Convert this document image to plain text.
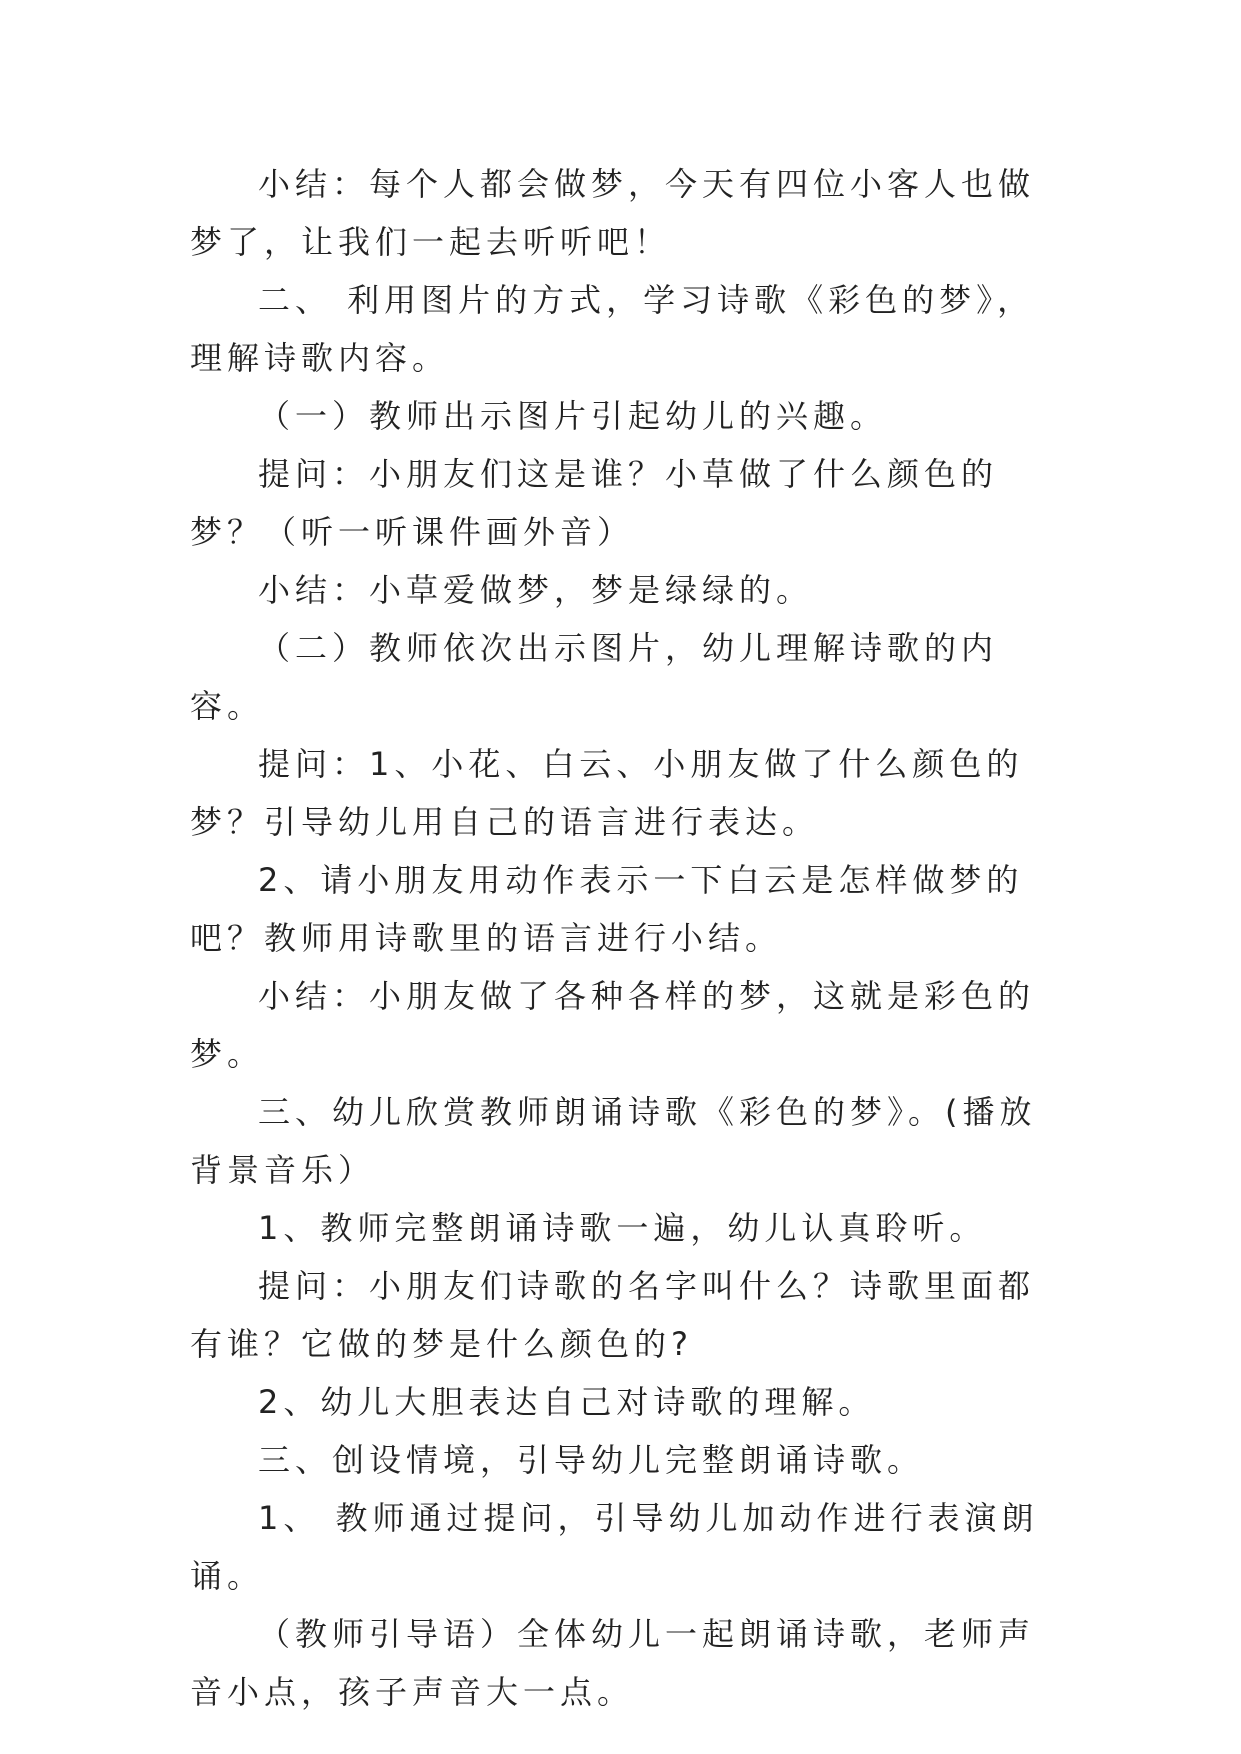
小结：每个人都会做梦，今天有四位小客人也做梦了，让我们一起去听听吧！

二、 利用图片的方式，学习诗歌《彩色的梦》，理解诗歌内容。

（一）教师出示图片引起幼儿的兴趣。

提问：小朋友们这是谁？小草做了什么颜色的梦？（听一听课件画外音）

小结：小草爱做梦，梦是绿绿的。

（二）教师依次出示图片，幼儿理解诗歌的内容。

提问：1、小花、白云、小朋友做了什么颜色的梦？引导幼儿用自己的语言进行表达。

2、请小朋友用动作表示一下白云是怎样做梦的吧？教师用诗歌里的语言进行小结。

小结：小朋友做了各种各样的梦，这就是彩色的梦。

三、幼儿欣赏教师朗诵诗歌《彩色的梦》。(播放背景音乐）

1、教师完整朗诵诗歌一遍，幼儿认真聆听。

提问：小朋友们诗歌的名字叫什么？诗歌里面都有谁？它做的梦是什么颜色的?

2、幼儿大胆表达自己对诗歌的理解。

三、创设情境，引导幼儿完整朗诵诗歌。

1、 教师通过提问，引导幼儿加动作进行表演朗诵。

（教师引导语）全体幼儿一起朗诵诗歌，老师声音小点，孩子声音大一点。
